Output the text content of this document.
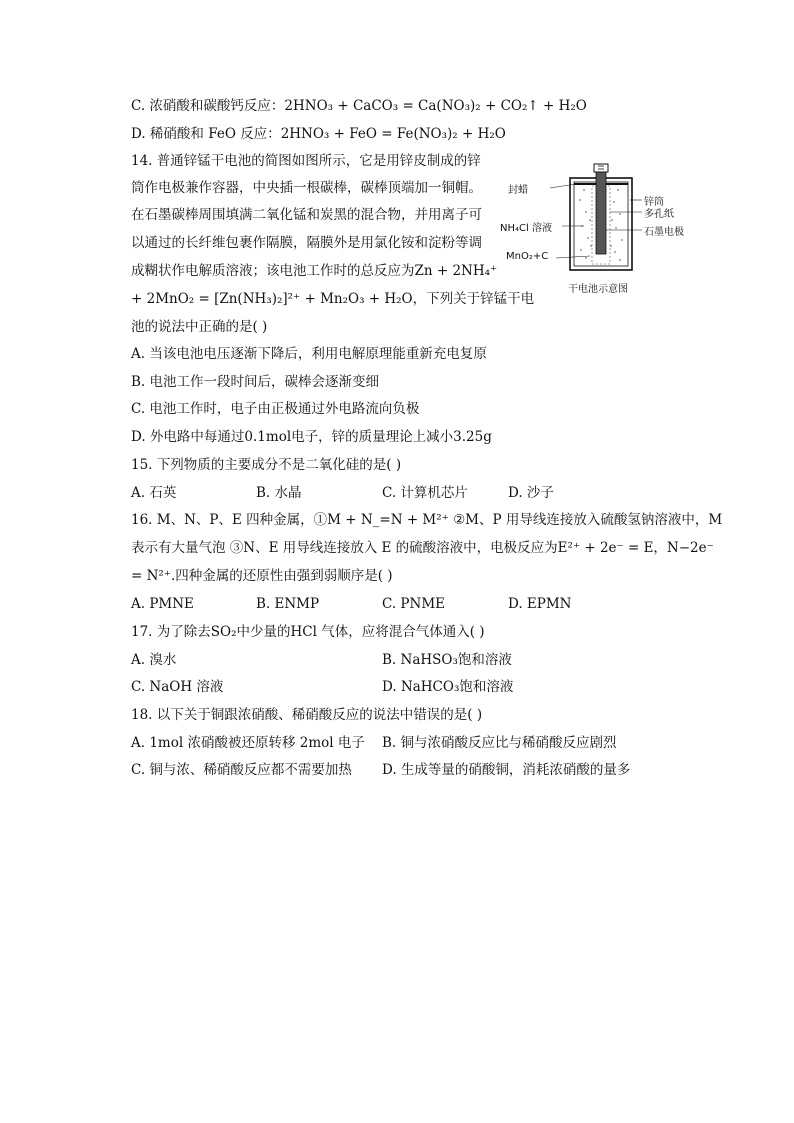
C. 浓硝酸和碳酸钙反应：2HNO₃ + CaCO₃ = Ca(NO₃)₂ + CO₂↑ + H₂O
D. 稀硝酸和 FeO 反应：2HNO₃ + FeO = Fe(NO₃)₂ + H₂O
14. 普通锌锰干电池的简图如图所示，它是用锌皮制成的锌
筒作电极兼作容器，中央插一根碳棒，碳棒顶端加一铜帽。
在石墨碳棒周围填满二氧化锰和炭黑的混合物，并用离子可
以通过的长纤维包裹作隔膜，隔膜外是用氯化铵和淀粉等调
成糊状作电解质溶液；该电池工作时的总反应为Zn + 2NH₄⁺
+ 2MnO₂ = [Zn(NH₃)₂]²⁺ + Mn₂O₃ + H₂O，下列关于锌锰干电
池的说法中正确的是( )
封蜡
NH₄Cl 溶液
MnO₂+C
锌筒
多孔纸
石墨电极
干电池示意图
A. 当该电池电压逐渐下降后，利用电解原理能重新充电复原
B. 电池工作一段时间后，碳棒会逐渐变细
C. 电池工作时，电子由正极通过外电路流向负极
D. 外电路中每通过0.1mol电子，锌的质量理论上减小3.25g
15. 下列物质的主要成分不是二氧化硅的是( )
A. 石英	B. 水晶	C. 计算机芯片	D. 沙子
16. M、N、P、E 四种金属，①M + N_=N + M²⁺ ②M、P 用导线连接放入硫酸氢钠溶液中，M
表示有大量气泡 ③N、E 用导线连接放入 E 的硫酸溶液中，电极反应为E²⁺ + 2e⁻ = E，N−2e⁻
= N²⁺.四种金属的还原性由强到弱顺序是( )
A. PMNE	B. ENMP	C. PNME	D. EPMN
17. 为了除去SO₂中少量的HCl 气体，应将混合气体通入( )
A. 溴水	B. NaHSO₃饱和溶液
C. NaOH 溶液	D. NaHCO₃饱和溶液
18. 以下关于铜跟浓硝酸、稀硝酸反应的说法中错误的是( )
A. 1mol 浓硝酸被还原转移 2mol 电子 B. 铜与浓硝酸反应比与稀硝酸反应剧烈
C. 铜与浓、稀硝酸反应都不需要加热 D. 生成等量的硝酸铜，消耗浓硝酸的量多
